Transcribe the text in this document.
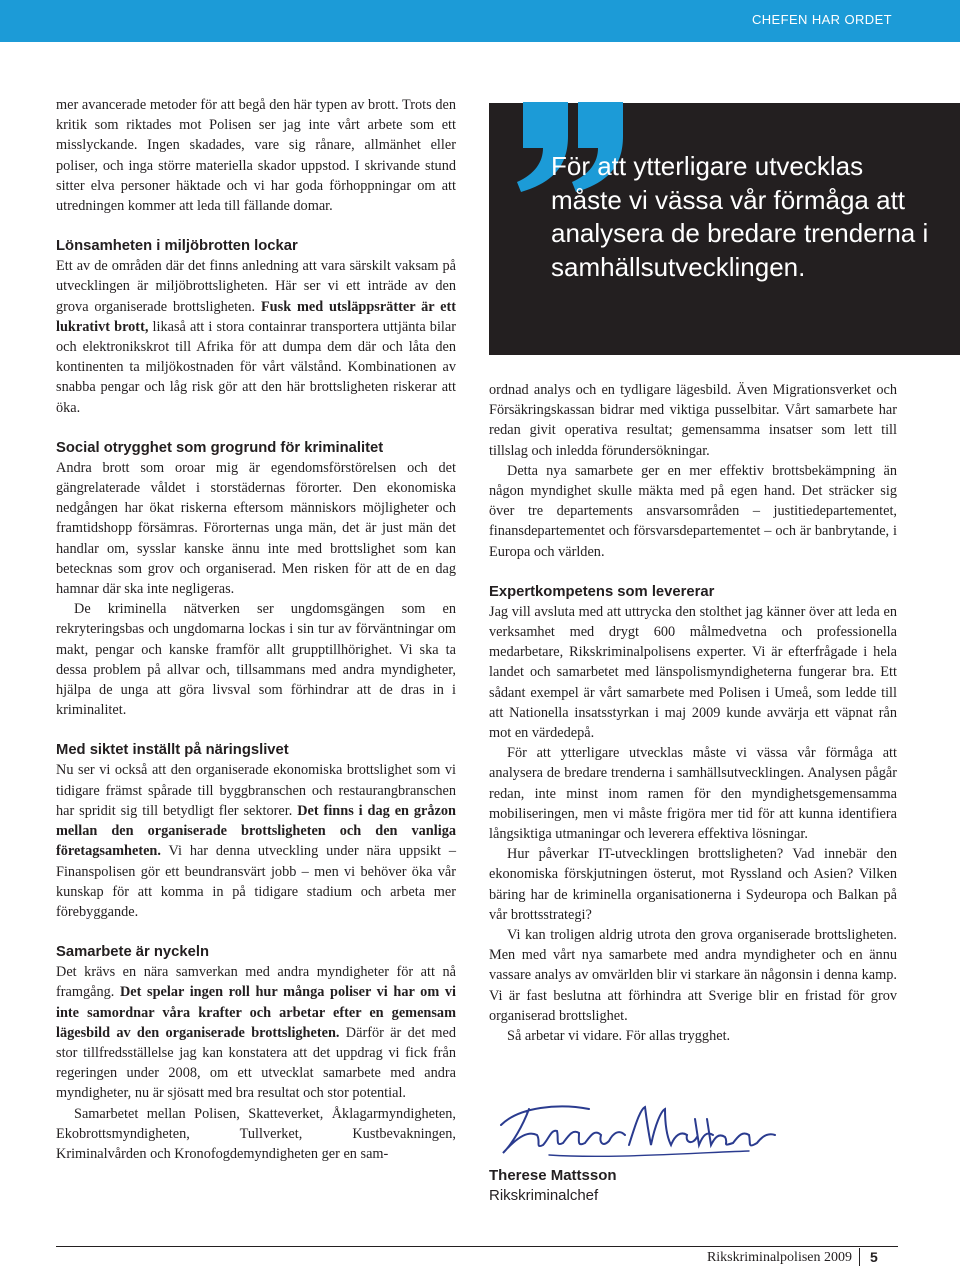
CHEFEN HAR ORDET

mer avancerade metoder för att begå den här typen av brott. Trots den kritik som riktades mot Polisen ser jag inte vårt arbete som ett misslyckande. Ingen skadades, vare sig rånare, allmänhet eller poliser, och inga större materiella skador uppstod. I skrivande stund sitter elva personer häktade och vi har goda förhoppningar om att utredningen kommer att leda till fällande domar.

Lönsamheten i miljöbrotten lockar

Ett av de områden där det finns anledning att vara särskilt vaksam på utvecklingen är miljöbrottsligheten. Här ser vi ett inträde av den grova organiserade brottsligheten. Fusk med utsläppsrätter är ett lukrativt brott, likaså att i stora containrar transportera uttjänta bilar och elektronikskrot till Afrika för att dumpa dem där och låta den kontinenten ta miljökostnaden för vårt välstånd. Kombinationen av snabba pengar och låg risk gör att den här brottsligheten riskerar att öka.

Social otrygghet som grogrund för kriminalitet

Andra brott som oroar mig är egendomsförstörelsen och det gängrelaterade våldet i storstädernas förorter. Den ekonomiska nedgången har ökat riskerna eftersom människors möjligheter och framtidshopp försämras. Förorternas unga män, det är just män det handlar om, sysslar kanske ännu inte med brottslighet som kan betecknas som grov och organiserad. Men risken för att de en dag hamnar där ska inte negligeras.

De kriminella nätverken ser ungdomsgängen som en rekryteringsbas och ungdomarna lockas i sin tur av förväntningar om makt, pengar och kanske framför allt grupptillhörighet. Vi ska ta dessa problem på allvar och, tillsammans med andra myndigheter, hjälpa de unga att göra livsval som förhindrar att de dras in i kriminalitet.

Med siktet inställt på näringslivet

Nu ser vi också att den organiserade ekonomiska brottslighet som vi tidigare främst spårade till byggbranschen och restaurangbranschen har spridit sig till betydligt fler sektorer. Det finns i dag en gråzon mellan den organiserade brottsligheten och den vanliga företagsamheten. Vi har denna utveckling under nära uppsikt – Finanspolisen gör ett beundransvärt jobb – men vi behöver öka vår kunskap för att komma in på tidigare stadium och arbeta mer förebyggande.

Samarbete är nyckeln

Det krävs en nära samverkan med andra myndigheter för att nå framgång. Det spelar ingen roll hur många poliser vi har om vi inte samordnar våra krafter och arbetar efter en gemensam lägesbild av den organiserade brottsligheten. Därför är det med stor tillfredsställelse jag kan konstatera att det uppdrag vi fick från regeringen under 2008, om ett utvecklat samarbete med andra myndigheter, nu är sjösatt med bra resultat och stor potential.

Samarbetet mellan Polisen, Skatteverket, Åklagarmyndigheten, Ekobrottsmyndigheten, Tullverket, Kustbevakningen, Kriminalvården och Kronofogdemyndigheten ger en sam-

För att ytterligare utvecklas måste vi vässa vår förmåga att analysera de bredare trenderna i samhällsutvecklingen.

ordnad analys och en tydligare lägesbild. Även Migrationsverket och Försäkringskassan bidrar med viktiga pusselbitar. Vårt samarbete har redan givit operativa resultat; gemensamma insatser som lett till tillslag och inledda förundersökningar.

Detta nya samarbete ger en mer effektiv brottsbekämpning än någon myndighet skulle mäkta med på egen hand. Det sträcker sig över tre departements ansvarsområden – justitiedepartementet, finansdepartementet och försvarsdepartementet – och är banbrytande, i Europa och världen.

Expertkompetens som levererar

Jag vill avsluta med att uttrycka den stolthet jag känner över att leda en verksamhet med drygt 600 målmedvetna och professionella medarbetare, Rikskriminalpolisens experter. Vi är efterfrågade i hela landet och samarbetet med länspolismyndigheterna fungerar bra. Ett sådant exempel är vårt samarbete med Polisen i Umeå, som ledde till att Nationella insatsstyrkan i maj 2009 kunde avvärja ett väpnat rån mot en värdedepå.

För att ytterligare utvecklas måste vi vässa vår förmåga att analysera de bredare trenderna i samhällsutvecklingen. Analysen pågår redan, inte minst inom ramen för den myndighetsgemensamma mobiliseringen, men vi måste frigöra mer tid för att kunna identifiera långsiktiga utmaningar och leverera effektiva lösningar.

Hur påverkar IT-utvecklingen brottsligheten? Vad innebär den ekonomiska förskjutningen österut, mot Ryssland och Asien? Vilken bäring har de kriminella organisationerna i Sydeuropa och Balkan på vår brottsstrategi?

Vi kan troligen aldrig utrota den grova organiserade brottsligheten. Men med vårt nya samarbete med andra myndigheter och en ännu vassare analys av omvärlden blir vi starkare än någonsin i denna kamp. Vi är fast beslutna att förhindra att Sverige blir en fristad för grov organiserad brottslighet.

Så arbetar vi vidare. För allas trygghet.

Therese Mattsson
Rikskriminalchef
Rikskriminalpolisen 2009 5
